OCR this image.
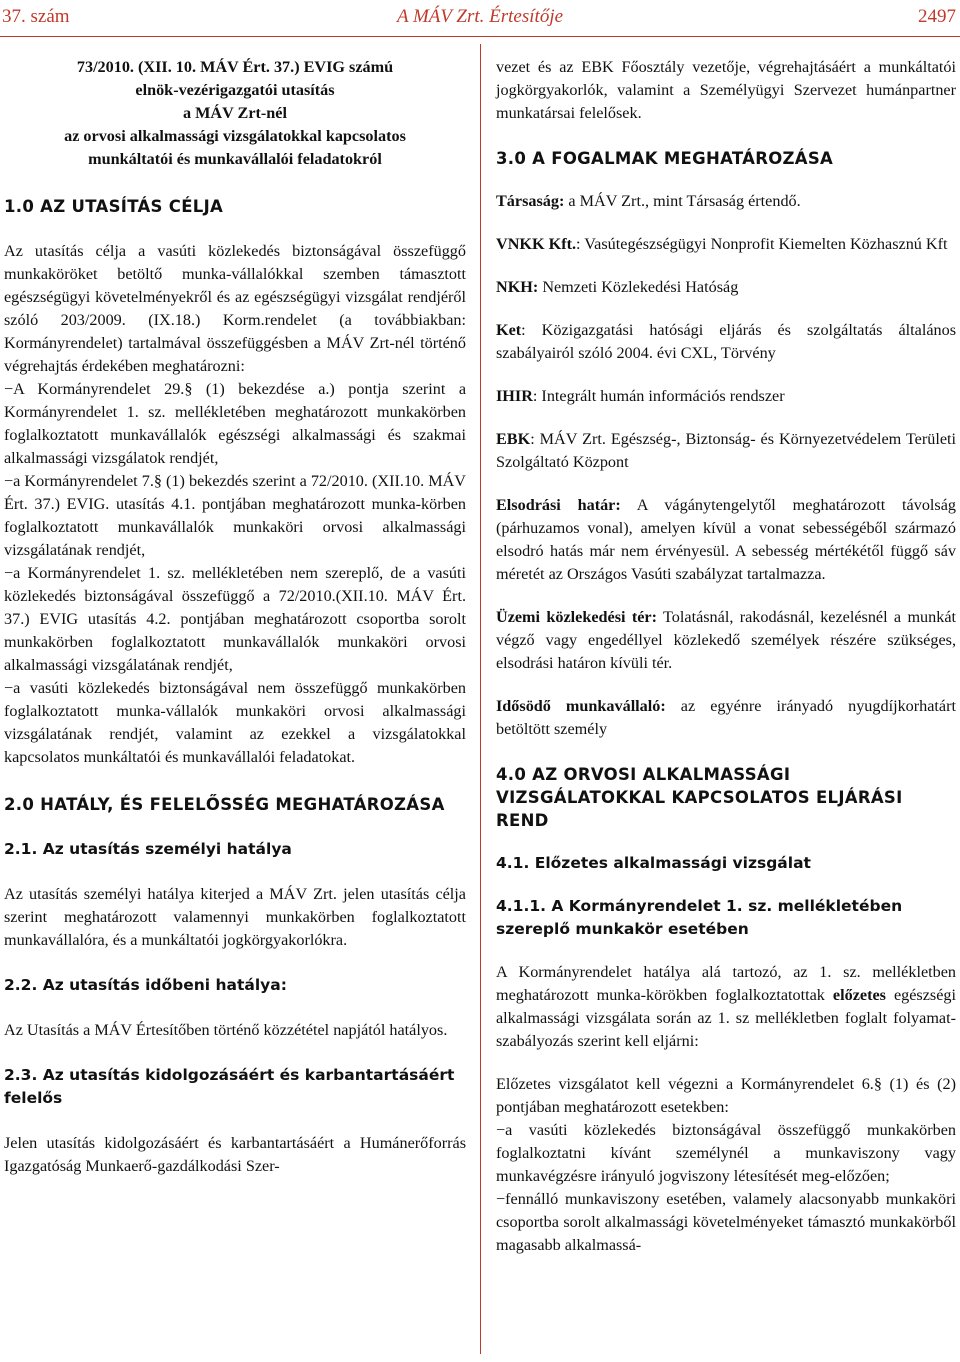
37. szám	A MÁV Zrt. Értesítője	2497

73/2010. (XII. 10. MÁV Ért. 37.) EVIG számú

elnök-vezérigazgatói utasítás

a MÁV Zrt-nél

az orvosi alkalmassági vizsgálatokkal kapcsolatos

munkáltatói és munkavállalói feladatokról

1.0 AZ UTASÍTÁS CÉLJA

Az utasítás célja a vasúti közlekedés biztonságával összefüggő munkaköröket betöltő munka-vállalókkal szemben támasztott egészségügyi követelményekről és az egészségügyi vizsgálat rendjéről szóló 203/2009. (IX.18.) Korm.rendelet (a továbbiakban: Kormányrendelet) tartalmával összefüggésben a MÁV Zrt-nél történő végrehajtás érdekében meghatározni:

− A Kormányrendelet 29.§ (1) bekezdése a.) pontja szerint a Kormányrendelet 1. sz. mellékletében meghatározott munkakörben foglalkoztatott munkavállalók egészségi alkalmassági és szakmai alkalmassági vizsgálatok rendjét,

− a Kormányrendelet 7.§ (1) bekezdés szerint a 72/2010. (XII.10. MÁV Ért. 37.) EVIG. utasítás 4.1. pontjában meghatározott munka-körben foglalkoztatott munkavállalók munkaköri orvosi alkalmassági vizsgálatának rendjét,

− a Kormányrendelet 1. sz. mellékletében nem szereplő, de a vasúti közlekedés biztonságával összefüggő a 72/2010.(XII.10. MÁV Ért. 37.) EVIG utasítás 4.2. pontjában meghatározott csoportba sorolt munkakörben foglalkoztatott munkavállalók munkaköri orvosi alkalmassági vizsgálatának rendjét,

− a vasúti közlekedés biztonságával nem összefüggő munkakörben foglalkoztatott munka-vállalók munkaköri orvosi alkalmassági vizsgálatának rendjét, valamint az ezekkel a vizsgálatokkal kapcsolatos munkáltatói és munkavállalói feladatokat.

2.0 HATÁLY, ÉS FELELŐSSÉG MEGHATÁROZÁSA
2.1. Az utasítás személyi hatálya

Az utasítás személyi hatálya kiterjed a MÁV Zrt. jelen utasítás célja szerint meghatározott valamennyi munkakörben foglalkoztatott munkavállalóra, és a munkáltatói jogkörgyakorlókra.

2.2. Az utasítás időbeni hatálya:

Az Utasítás a MÁV Értesítőben történő közzététel napjától hatályos.

2.3. Az utasítás kidolgozásáért és karbantartásáért felelős

Jelen utasítás kidolgozásáért és karbantartásáért a Humánerőforrás Igazgatóság Munkaerő-gazdálkodási Szer-

vezet és az EBK Főosztály vezetője, végrehajtásáért a munkáltatói jogkörgyakorlók, valamint a Személyügyi Szervezet humánpartner munkatársai felelősek.

3.0 A FOGALMAK MEGHATÁROZÁSA

Társaság: a MÁV Zrt., mint Társaság értendő.

VNKK Kft.: Vasútegészségügyi Nonprofit Kiemelten Közhasznú Kft

NKH: Nemzeti Közlekedési Hatóság

Ket: Közigazgatási hatósági eljárás és szolgáltatás általános szabályairól szóló 2004. évi CXL, Törvény

IHIR: Integrált humán információs rendszer

EBK: MÁV Zrt. Egészség-, Biztonság- és Környezetvédelem Területi Szolgáltató Központ

Elsodrási határ: A vágánytengelytől meghatározott távolság (párhuzamos vonal), amelyen kívül a vonat sebességéből származó elsodró hatás már nem érvényesül. A sebesség mértékétől függő sáv méretét az Országos Vasúti szabályzat tartalmazza.

Üzemi közlekedési tér: Tolatásnál, rakodásnál, kezelésnél a munkát végző vagy engedéllyel közlekedő személyek részére szükséges, elsodrási határon kívüli tér.

Idősödő munkavállaló: az egyénre irányadó nyugdíjkorhatárt betöltött személy

4.0 AZ ORVOSI ALKALMASSÁGI VIZSGÁLATOKKAL KAPCSOLATOS ELJÁRÁSI REND
4.1. Előzetes alkalmassági vizsgálat
4.1.1. A Kormányrendelet 1. sz. mellékletében szereplő munkakör esetében

A Kormányrendelet hatálya alá tartozó, az 1. sz. mellékletben meghatározott munka-körökben foglalkoztatottak előzetes egészségi alkalmassági vizsgálata során az 1. sz mellékletben foglalt folyamat-szabályozás szerint kell eljárni:

Előzetes vizsgálatot kell végezni a Kormányrendelet 6.§ (1) és (2) pontjában meghatározott esetekben:

− a vasúti közlekedés biztonságával összefüggő munkakörben foglalkoztatni kívánt személynél a munkaviszony vagy munkavégzésre irányuló jogviszony létesítését meg-előzően;

− fennálló munkaviszony esetében, valamely alacsonyabb munkaköri csoportba sorolt alkalmassági követelményeket támasztó munkakörből magasabb alkalmassá-
